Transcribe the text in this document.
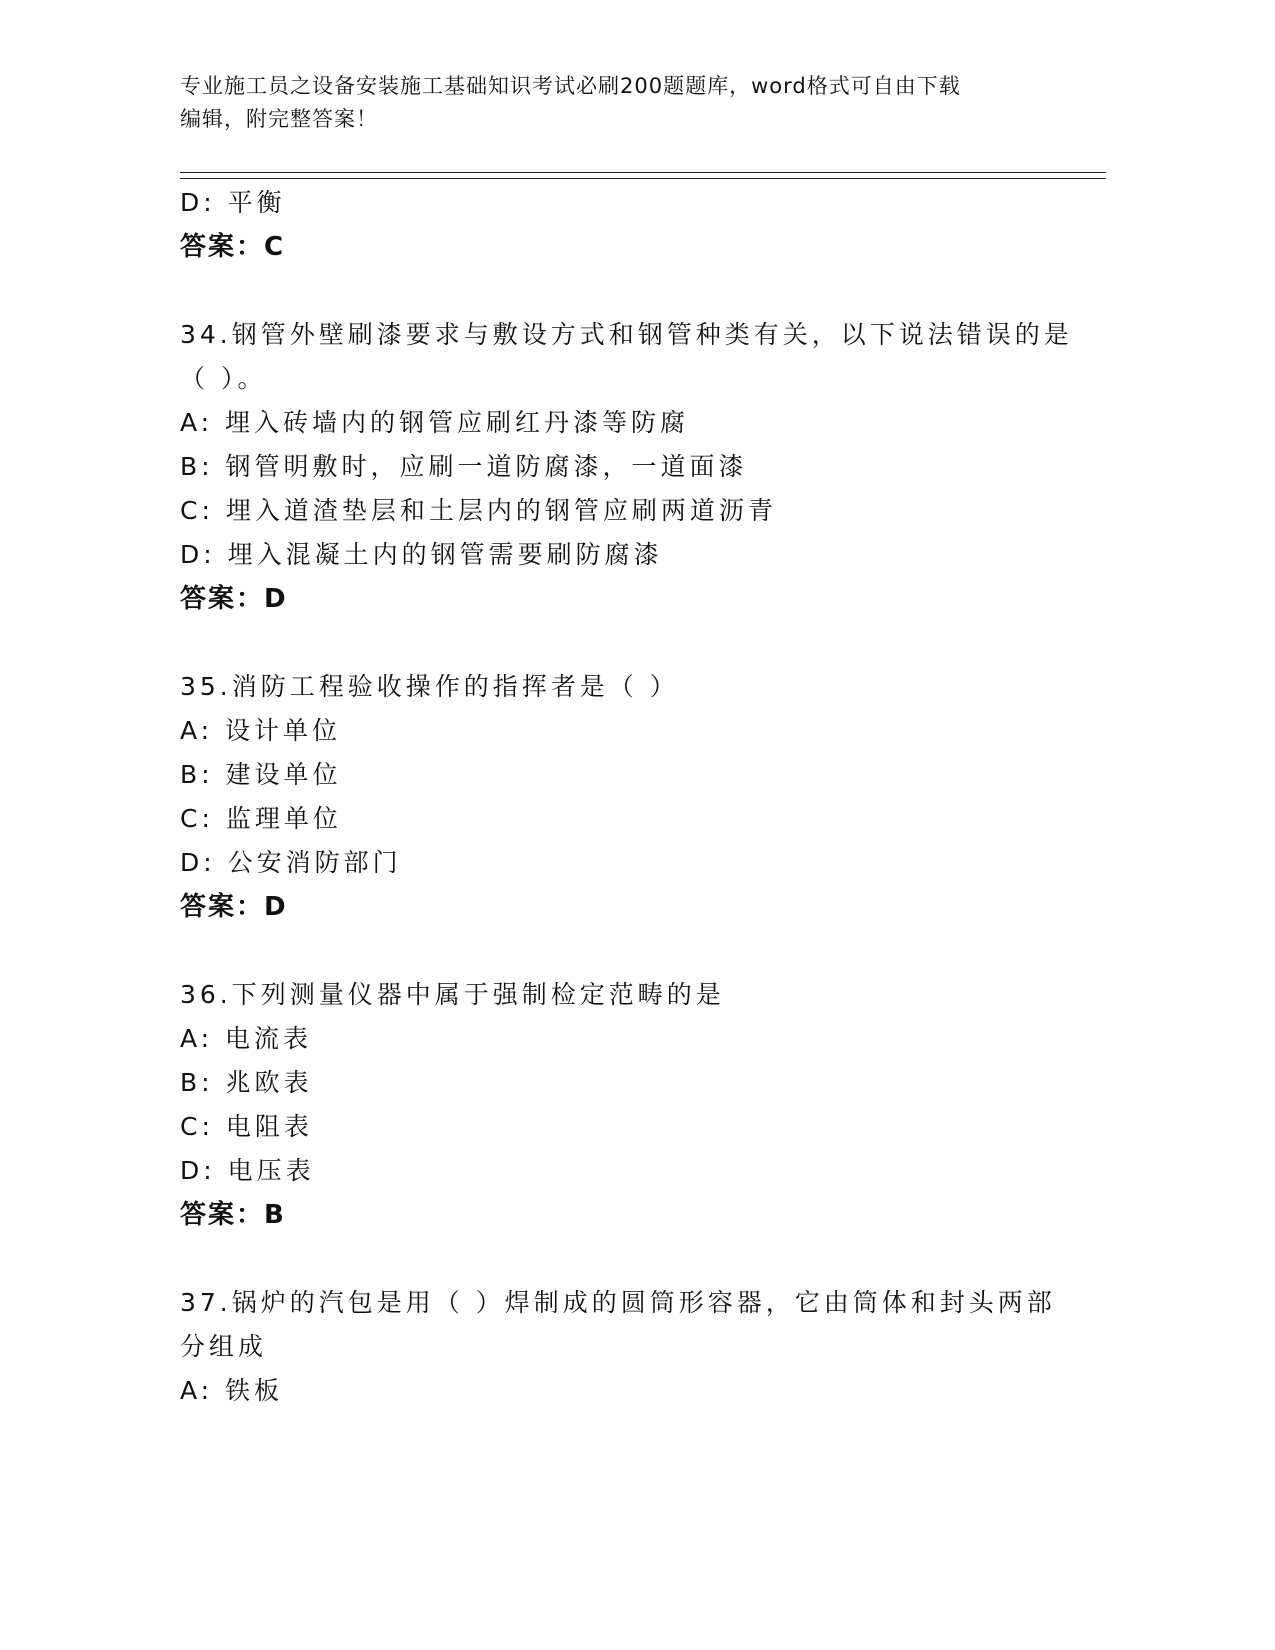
专业施工员之设备安装施工基础知识考试必刷200题题库，word格式可自由下载
编辑，附完整答案！
D: 平衡
答案：C
34.钢管外壁刷漆要求与敷设方式和钢管种类有关，以下说法错误的是
（ ）。
A: 埋入砖墙内的钢管应刷红丹漆等防腐
B: 钢管明敷时，应刷一道防腐漆，一道面漆
C: 埋入道渣垫层和土层内的钢管应刷两道沥青
D: 埋入混凝土内的钢管需要刷防腐漆
答案：D
35.消防工程验收操作的指挥者是（ ）
A: 设计单位
B: 建设单位
C: 监理单位
D: 公安消防部门
答案：D
36.下列测量仪器中属于强制检定范畴的是
A: 电流表
B: 兆欧表
C: 电阻表
D: 电压表
答案：B
37.锅炉的汽包是用（ ）焊制成的圆筒形容器，它由筒体和封头两部
分组成
A: 铁板
